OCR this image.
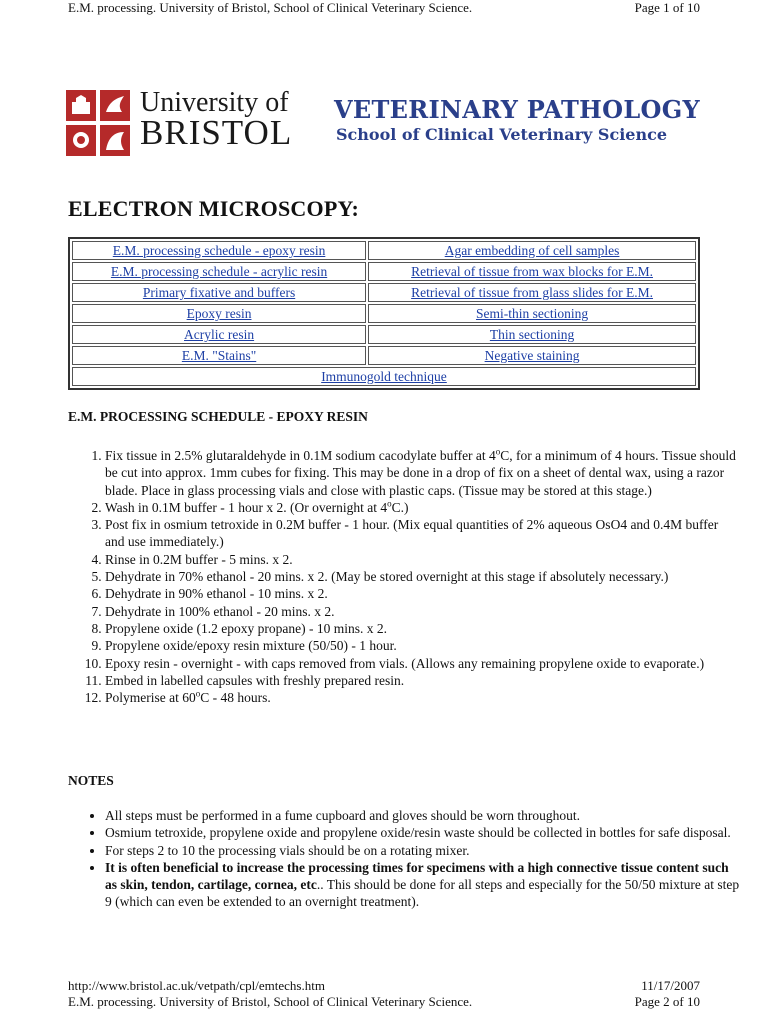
E.M. processing. University of Bristol, School of Clinical Veterinary Science.	Page 1 of 10
University of
BRISTOL
VETERINARY PATHOLOGY
School of Clinical Veterinary Science
ELECTRON MICROSCOPY:
E.M. processing schedule - epoxy resin	Agar embedding of cell samples
E.M. processing schedule - acrylic resin	Retrieval of tissue from wax blocks for E.M.
Primary fixative and buffers	Retrieval of tissue from glass slides for E.M.
Epoxy resin	Semi-thin sectioning
Acrylic resin	Thin sectioning
E.M. "Stains"	Negative staining
Immunogold technique	
E.M. PROCESSING SCHEDULE - EPOXY RESIN
1. Fix tissue in 2.5% glutaraldehyde in 0.1M sodium cacodylate buffer at 4$^o$C, for a minimum of 4 hours. Tissue should be cut into approx. 1mm cubes for fixing. This may be done in a drop of fix on a sheet of dental wax, using a razor blade. Place in glass processing vials and close with plastic caps. (Tissue may be stored at this stage.)
2. Wash in 0.1M buffer - 1 hour x 2. (Or overnight at 4$^o$C.)
3. Post fix in osmium tetroxide in 0.2M buffer - 1 hour. (Mix equal quantities of 2% aqueous OsO4 and 0.4M buffer and use immediately.)
4. Rinse in 0.2M buffer - 5 mins. x 2.
5. Dehydrate in 70% ethanol - 20 mins. x 2. (May be stored overnight at this stage if absolutely necessary.)
6. Dehydrate in 90% ethanol - 10 mins. x 2.
7. Dehydrate in 100% ethanol - 20 mins. x 2.
8. Propylene oxide (1.2 epoxy propane) - 10 mins. x 2.
9. Propylene oxide/epoxy resin mixture (50/50) - 1 hour.
10. Epoxy resin - overnight - with caps removed from vials. (Allows any remaining propylene oxide to evaporate.)
11. Embed in labelled capsules with freshly prepared resin.
12. Polymerise at 60$^o$C - 48 hours.
NOTES
• All steps must be performed in a fume cupboard and gloves should be worn throughout.
• Osmium tetroxide, propylene oxide and propylene oxide/resin waste should be collected in bottles for safe disposal.
• For steps 2 to 10 the processing vials should be on a rotating mixer.
• It is often beneficial to increase the processing times for specimens with a high connective tissue content such as skin, tendon, cartilage, cornea, etc.. This should be done for all steps and especially for the 50/50 mixture at step 9 (which can even be extended to an overnight treatment).
http://www.bristol.ac.uk/vetpath/cpl/emtechs.htm	11/17/2007
E.M. processing. University of Bristol, School of Clinical Veterinary Science.	Page 2 of 10
